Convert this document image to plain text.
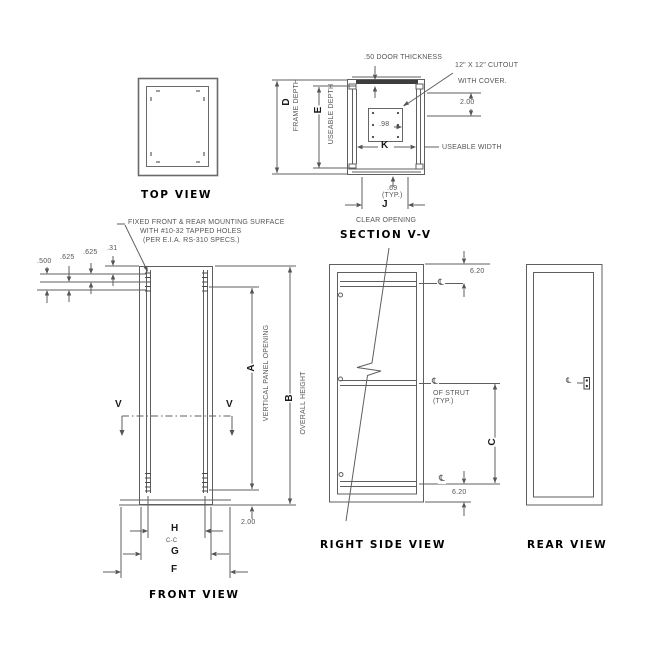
TOP VIEW
SECTION V-V
FRONT VIEW
RIGHT SIDE VIEW	REAR VIEW
.50 DOOR THICKNESS
12" X 12" CUTOUT
WITH COVER.
2.00
.98
K	USEABLE WIDTH
.69
(TYP.)
J
CLEAR OPENING
D FRAME DEPTH E USEABLE DEPTH
FIXED FRONT & REAR MOUNTING SURFACE
WITH #10-32 TAPPED HOLES
(PER E.I.A. RS-310 SPECS.)
.500
.625
.625
.31
V	V
A VERTICAL PANEL OPENING B OVERALL HEIGHT
2.00
H
C-C
G
F
6.20
℄
℄
OF STRUT
(TYP.)
C
℄
6.20
℄
